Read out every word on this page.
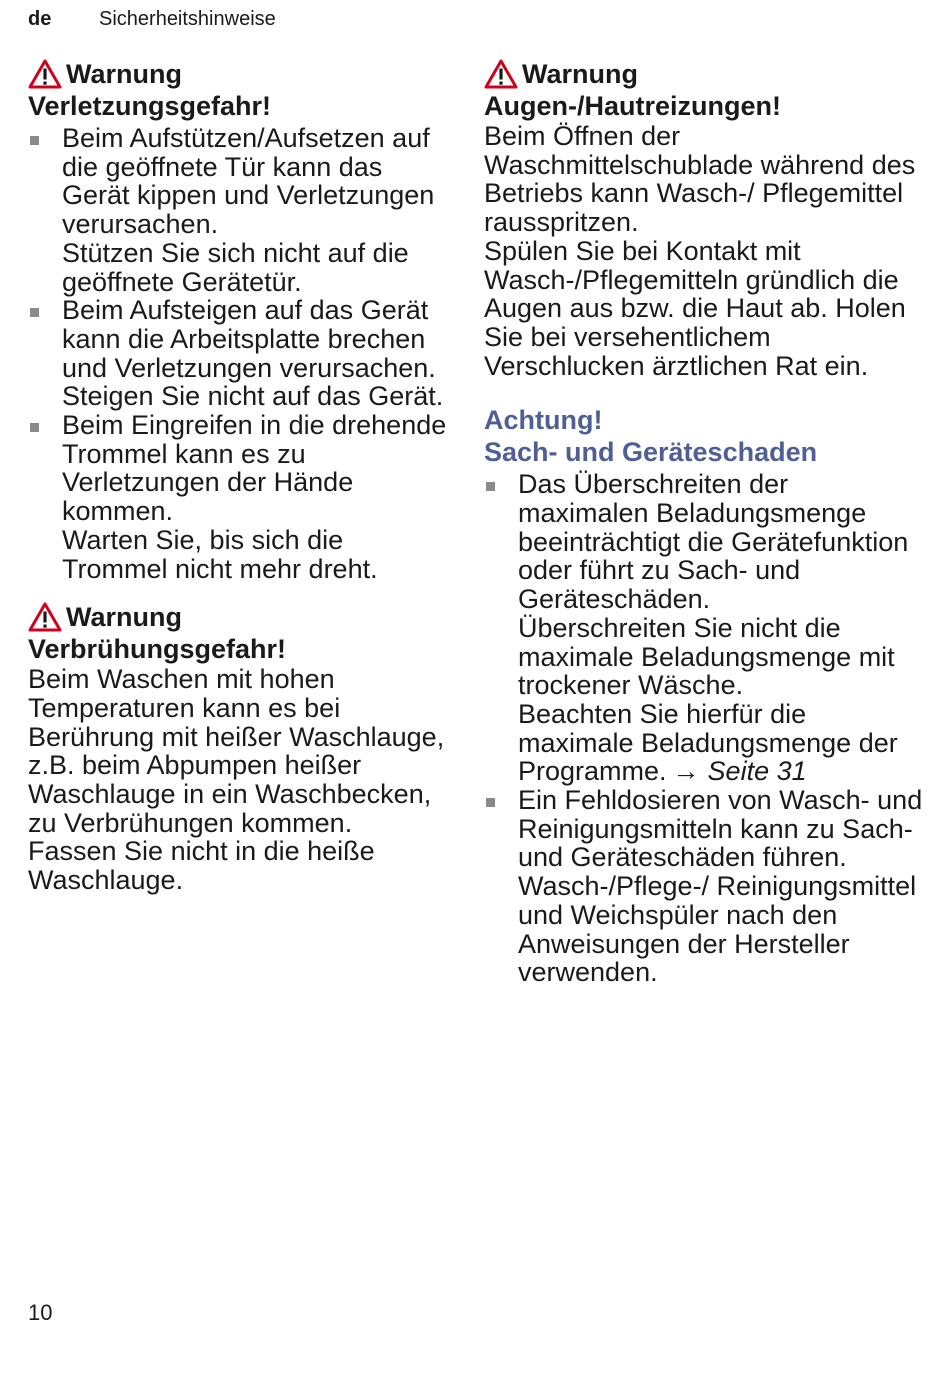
de Sicherheitshinweise
Warnung
Verletzungsgefahr!

Beim Aufstützen/Aufsetzen auf die geöffnete Tür kann das Gerät kippen und Verletzungen verursachen.

Stützen Sie sich nicht auf die geöffnete Gerätetür.

Beim Aufsteigen auf das Gerät kann die Arbeitsplatte brechen und Verletzungen verursachen.

Steigen Sie nicht auf das Gerät.

Beim Eingreifen in die drehende Trommel kann es zu Verletzungen der Hände kommen.

Warten Sie, bis sich die Trommel nicht mehr dreht.

Warnung
Verbrühungsgefahr!

Beim Waschen mit hohen Temperaturen kann es bei Berührung mit heißer Waschlauge, z.B. beim Abpumpen heißer Waschlauge in ein Waschbecken, zu Verbrühungen kommen.

Fassen Sie nicht in die heiße Waschlauge.

Warnung
Augen-/Hautreizungen!

Beim Öffnen der Waschmittelschublade während des Betriebs kann Wasch-/ Pflegemittel rausspritzen.

Spülen Sie bei Kontakt mit Wasch-/Pflegemitteln gründlich die Augen aus bzw. die Haut ab. Holen Sie bei versehentlichem Verschlucken ärztlichen Rat ein.

Achtung!
Sach- und Geräteschaden

Das Überschreiten der maximalen Beladungsmenge beeinträchtigt die Gerätefunktion oder führt zu Sach- und Geräteschäden.

Überschreiten Sie nicht die maximale Beladungsmenge mit trockener Wäsche.

Beachten Sie hierfür die maximale Beladungsmenge der Programme. → Seite 31

Ein Fehldosieren von Wasch- und Reinigungsmitteln kann zu Sach- und Geräteschäden führen.

Wasch-/Pflege-/ Reinigungsmittel und Weichspüler nach den Anweisungen der Hersteller verwenden.

10
